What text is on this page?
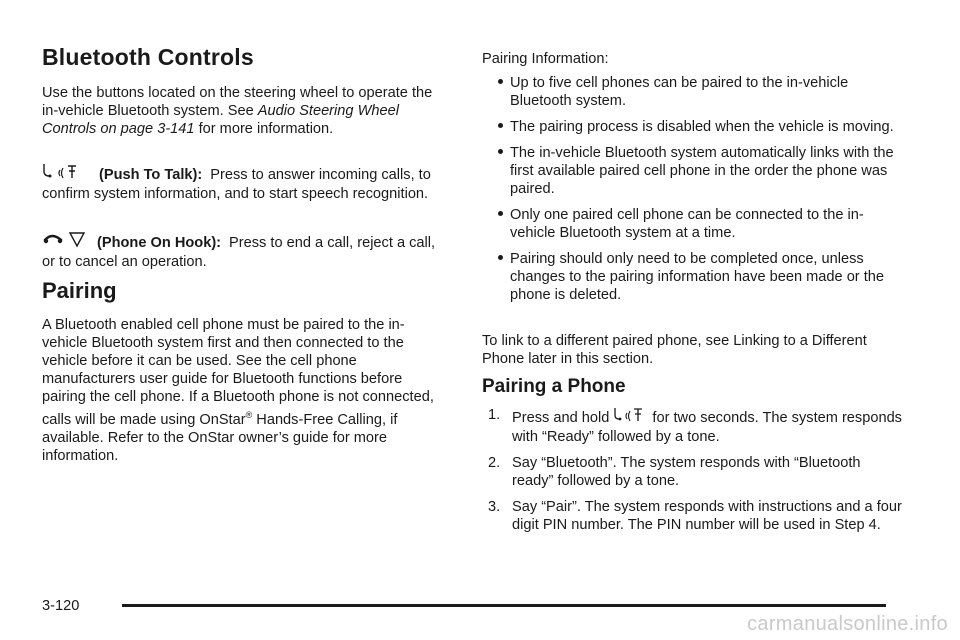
Bluetooth Controls

Use the buttons located on the steering wheel to operate the in-vehicle Bluetooth system. See Audio Steering Wheel Controls on page 3-141 for more information.

(Push To Talk): Press to answer incoming calls, to confirm system information, and to start speech recognition.

(Phone On Hook): Press to end a call, reject a call, or to cancel an operation.

Pairing

A Bluetooth enabled cell phone must be paired to the in-vehicle Bluetooth system first and then connected to the vehicle before it can be used. See the cell phone manufacturers user guide for Bluetooth functions before pairing the cell phone. If a Bluetooth phone is not connected, calls will be made using OnStar® Hands-Free Calling, if available. Refer to the OnStar owner’s guide for more information.

Pairing Information:

Up to five cell phones can be paired to the in-vehicle Bluetooth system.
The pairing process is disabled when the vehicle is moving.
The in-vehicle Bluetooth system automatically links with the first available paired cell phone in the order the phone was paired.
Only one paired cell phone can be connected to the in-vehicle Bluetooth system at a time.
Pairing should only need to be completed once, unless changes to the pairing information have been made or the phone is deleted.

To link to a different paired phone, see Linking to a Different Phone later in this section.

Pairing a Phone
1. Press and hold	for two seconds. The system responds with “Ready” followed by a tone.
2. Say “Bluetooth”. The system responds with “Bluetooth ready” followed by a tone.
3. Say “Pair”. The system responds with instructions and a four digit PIN number. The PIN number will be used in Step 4.
3-120
carmanualsonline.info
